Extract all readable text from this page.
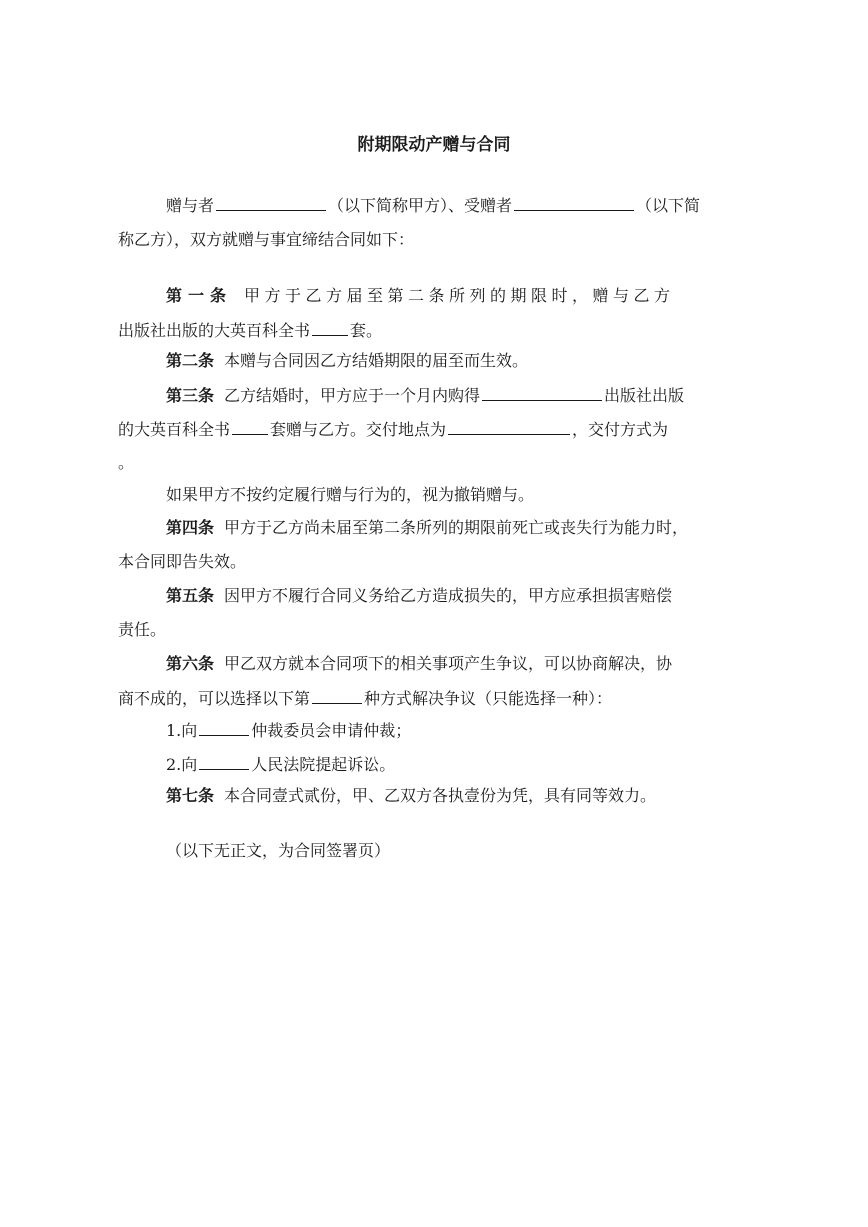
附期限动产赠与合同
赠与者	（以下简称甲方）、受赠者	（以下简
称乙方），双方就赠与事宜缔结合同如下：
第一条 甲方于乙方届至第二条所列的期限时，赠与乙方
出版社出版的大英百科全书	套。
第二条 本赠与合同因乙方结婚期限的届至而生效。
第三条 乙方结婚时，甲方应于一个月内购得	出版社出版
的大英百科全书	套赠与乙方。交付地点为	，交付方式为
。
如果甲方不按约定履行赠与行为的，视为撤销赠与。
第四条 甲方于乙方尚未届至第二条所列的期限前死亡或丧失行为能力时，
本合同即告失效。
第五条 因甲方不履行合同义务给乙方造成损失的，甲方应承担损害赔偿
责任。
第六条 甲乙双方就本合同项下的相关事项产生争议，可以协商解决，协
商不成的，可以选择以下第	种方式解决争议（只能选择一种）：
1.向	仲裁委员会申请仲裁；
2.向	人民法院提起诉讼。
第七条 本合同壹式贰份，甲、乙双方各执壹份为凭，具有同等效力。
（以下无正文，为合同签署页）
